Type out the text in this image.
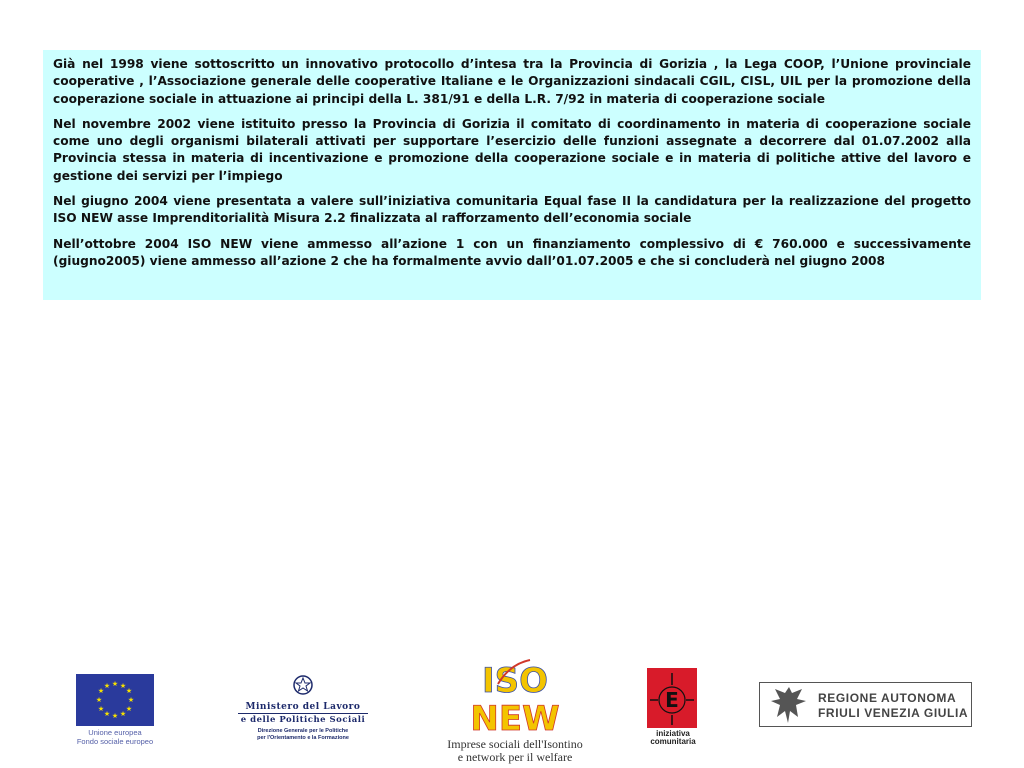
Già nel 1998 viene sottoscritto un innovativo protocollo d’intesa tra la Provincia di Gorizia , la Lega COOP, l’Unione provinciale cooperative , l’Associazione generale delle cooperative Italiane e le Organizzazioni sindacali CGIL, CISL, UIL per la promozione della cooperazione sociale in attuazione ai principi della L. 381/91 e della L.R. 7/92 in materia di cooperazione sociale

Nel novembre 2002 viene istituito presso la Provincia di Gorizia il comitato di coordinamento in materia di cooperazione sociale come uno degli organismi bilaterali attivati per supportare l’esercizio delle funzioni assegnate a decorrere dal 01.07.2002 alla Provincia stessa in materia di incentivazione e promozione della cooperazione sociale e in materia di politiche attive del lavoro e gestione dei servizi per l’impiego

Nel giugno 2004 viene presentata a valere sull’iniziativa comunitaria Equal fase II la candidatura per la realizzazione del progetto ISO NEW asse Imprenditorialità Misura 2.2 finalizzata al rafforzamento dell’economia sociale

Nell’ottobre 2004 ISO NEW viene ammesso all’azione 1 con un finanziamento complessivo di € 760.000 e successivamente (giugno2005) viene ammesso all’azione 2 che ha formalmente avvio dall’01.07.2005 e che si concluderà nel giugno 2008

★ ★
★
★
★
★
★
★
★
★
★
★
Unione europea
Fondo sociale europeo
Ministero del Lavoro
e delle Politiche Sociali
Direzione Generale per le Politiche
per l'Orientamento e la Formazione
ISO
NEW
Imprese sociali dell'Isontino
e network per il welfare
E
iniziativa
comunitaria
REGIONE AUTONOMA
FRIULI VENEZIA GIULIA
